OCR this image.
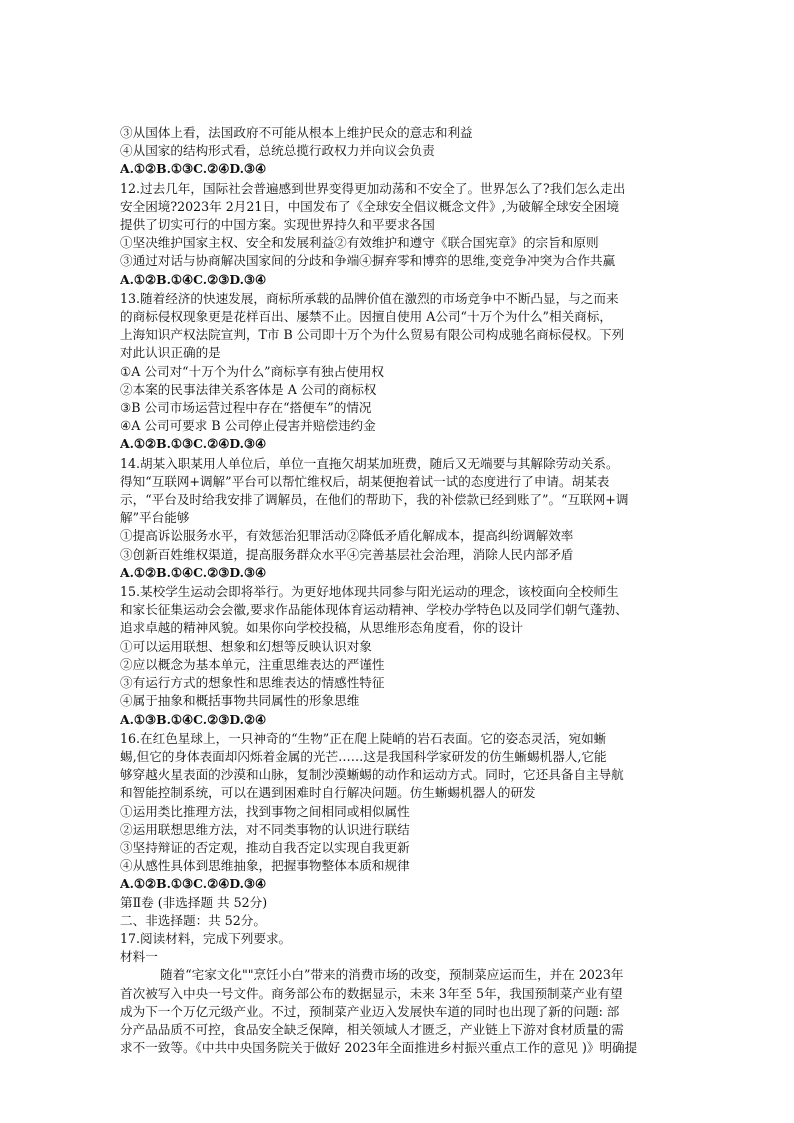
③从国体上看，法国政府不可能从根本上维护民众的意志和利益
④从国家的结构形式看，总统总揽行政权力并向议会负责
A.①②B.①③C.②④D.③④
12.过去几年，国际社会普遍感到世界变得更加动荡和不安全了。世界怎么了?我们怎么走出
安全困境?2023年 2月21日，中国发布了《全球安全倡议概念文件》,为破解全球安全困境
提供了切实可行的中国方案。实现世界持久和平要求各国
①坚决维护国家主权、安全和发展利益②有效维护和遵守《联合国宪章》的宗旨和原则
③通过对话与协商解决国家间的分歧和争端④摒弃零和博弈的思维,变竞争冲突为合作共赢
A.①②B.①④C.②③D.③④
13.随着经济的快速发展，商标所承载的品牌价值在激烈的市场竞争中不断凸显，与之而来
的商标侵权现象更是花样百出、屡禁不止。因擅自使用 A公司“十万个为什么”相关商标，
上海知识产权法院宣判，T市 B 公司即十万个为什么贸易有限公司构成驰名商标侵权。下列
对此认识正确的是
①A 公司对“十万个为什么”商标享有独占使用权
②本案的民事法律关系客体是 A 公司的商标权
③B 公司市场运营过程中存在“搭便车”的情况
④A 公司可要求 B 公司停止侵害并赔偿违约金
A.①②B.①③C.②④D.③④
14.胡某入职某用人单位后，单位一直拖欠胡某加班费，随后又无端要与其解除劳动关系。
得知“互联网+调解”平台可以帮忙维权后，胡某便抱着试一试的态度进行了申请。胡某表
示，“平台及时给我安排了调解员，在他们的帮助下，我的补偿款已经到账了”。“互联网+调
解”平台能够
①提高诉讼服务水平，有效惩治犯罪活动②降低矛盾化解成本，提高纠纷调解效率
③创新百姓维权渠道，提高服务群众水平④完善基层社会治理，消除人民内部矛盾
A.①②B.①④C.②③D.③④
15.某校学生运动会即将举行。为更好地体现共同参与阳光运动的理念，该校面向全校师生
和家长征集运动会会徽,要求作品能体现体育运动精神、学校办学特色以及同学们朝气蓬勃、
追求卓越的精神风貌。如果你向学校投稿，从思维形态角度看，你的设计
①可以运用联想、想象和幻想等反映认识对象
②应以概念为基本单元，注重思维表达的严谨性
③有运行方式的想象性和思维表达的情感性特征
④属于抽象和概括事物共同属性的形象思维
A.①③B.①④C.②③D.②④
16.在红色星球上，一只神奇的“生物”正在爬上陡峭的岩石表面。它的姿态灵活，宛如蜥
蜴,但它的身体表面却闪烁着金属的光芒……这是我国科学家研发的仿生蜥蜴机器人,它能
够穿越火星表面的沙漠和山脉，复制沙漠蜥蜴的动作和运动方式。同时，它还具备自主导航
和智能控制系统，可以在遇到困难时自行解决问题。仿生蜥蜴机器人的研发
①运用类比推理方法，找到事物之间相同或相似属性
②运用联想思维方法，对不同类事物的认识进行联结
③坚持辩证的否定观，推动自我否定以实现自我更新
④从感性具体到思维抽象，把握事物整体本质和规律
A.①②B.①③C.②④D.③④
第Ⅱ卷 (非选择题 共 52分)
二、非选择题：共 52分。
17.阅读材料，完成下列要求。
材料一
随着“宅家文化""烹饪小白”带来的消费市场的改变，预制菜应运而生，并在 2023年
首次被写入中央一号文件。商务部公布的数据显示，未来 3年至 5年，我国预制菜产业有望
成为下一个万亿元级产业。不过，预制菜产业迈入发展快车道的同时也出现了新的问题: 部
分产品品质不可控，食品安全缺乏保障，相关领域人才匮乏，产业链上下游对食材质量的需
求不一致等。《中共中央国务院关于做好 2023年全面推进乡村振兴重点工作的意见 )》明确提
